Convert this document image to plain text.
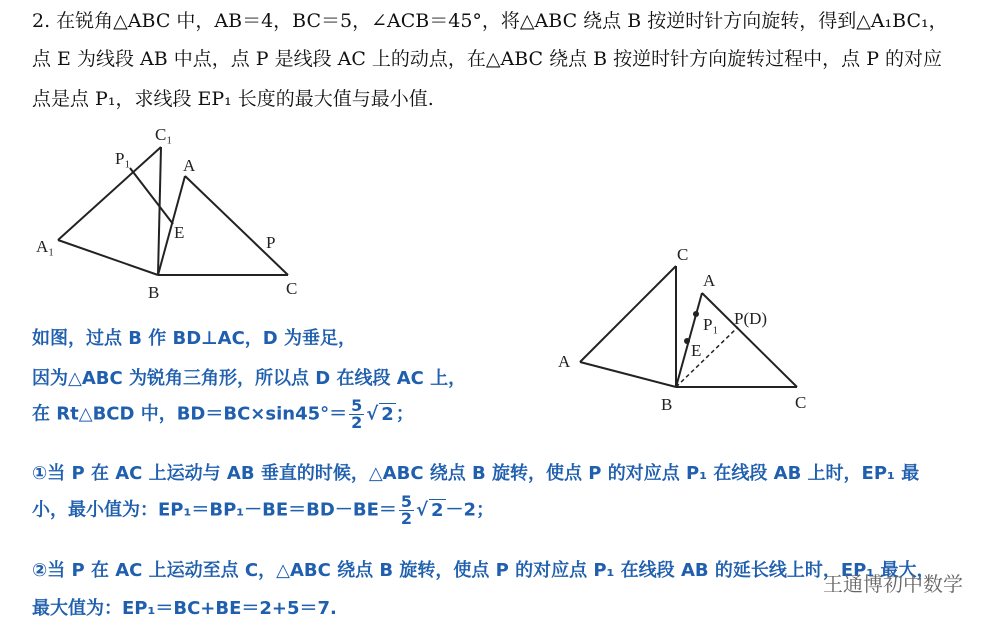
2. 在锐角△ABC 中，AB＝4，BC＝5，∠ACB＝45°，将△ABC 绕点 B 按逆时针方向旋转，得到△A₁BC₁，
点 E 为线段 AB 中点，点 P 是线段 AC 上的动点，在△ABC 绕点 B 按逆时针方向旋转过程中，点 P 的对应
点是点 P₁，求线段 EP₁ 长度的最大值与最小值.
C₁
P₁	A
E
A₁
B
P
C
C
A
P₁ P(D)
A
E
B	C
如图，过点 B 作 BD⊥AC，D 为垂足，
因为△ABC 为锐角三角形，所以点 D 在线段 AC 上，
在 Rt△BCD 中，$BD=BC\times\sin 45^\circ= \frac{5}{2}$ √ 2 ；
①当 P 在 AC 上运动与 AB 垂直的时候，△ABC 绕点 B 旋转，使点 P 的对应点 P₁ 在线段 AB 上时，EP₁ 最
小，最小值为：$EP_1=BP_1-BE=BD-BE= \frac{5}{2}$ √ 2 －2；
②当 P 在 AC 上运动至点 C，△ABC 绕点 B 旋转，使点 P 的对应点 P₁ 在线段 AB 的延长线上时，EP₁ 最大，
最大值为：EP₁＝BC+BE＝2+5＝7.
王通博初中数学
